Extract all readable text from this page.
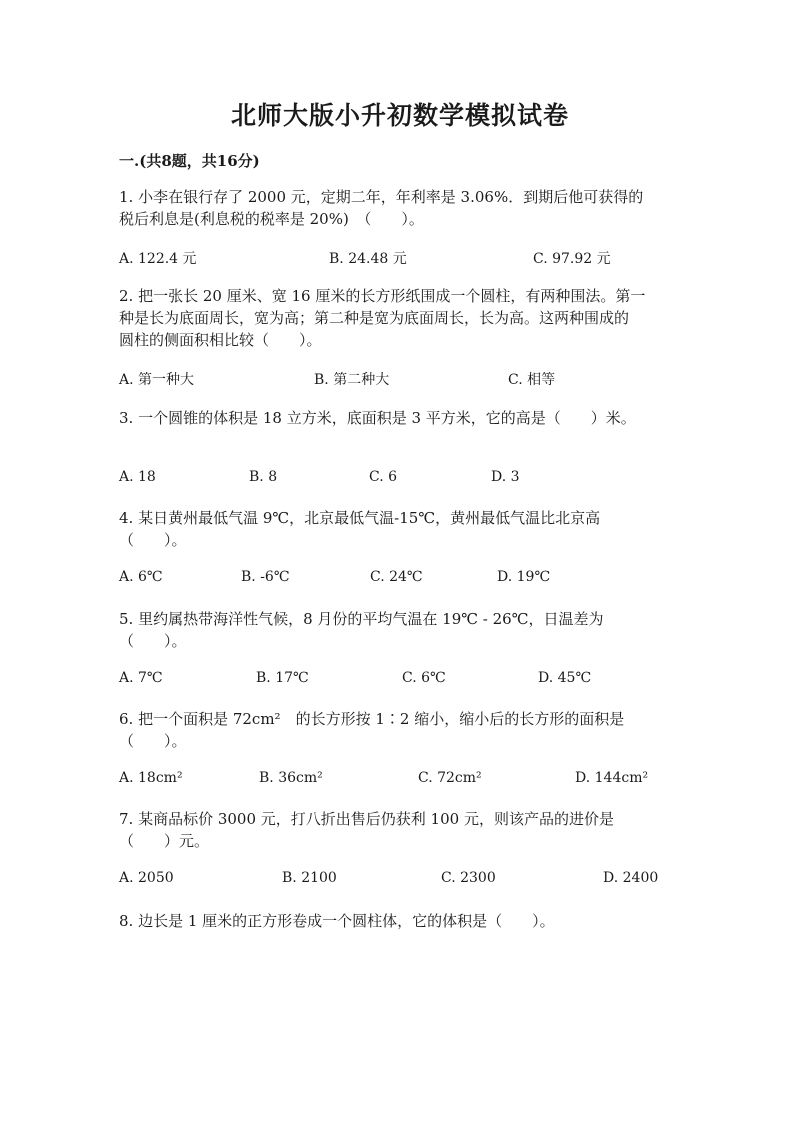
北师大版小升初数学模拟试卷
一.(共8题，共16分)
1. 小李在银行存了 2000 元，定期二年，年利率是 3.06%．到期后他可获得的
税后利息是(利息税的税率是 20%)　（　　）。
A. 122.4 元	B. 24.48 元	C. 97.92 元
2. 把一张长 20 厘米、宽 16 厘米的长方形纸围成一个圆柱，有两种围法。第一
种是长为底面周长，宽为高；第二种是宽为底面周长，长为高。这两种围成的
圆柱的侧面积相比较（　　）。
A. 第一种大	B. 第二种大	C. 相等
3. 一个圆锥的体积是 18 立方米，底面积是 3 平方米，它的高是（　　）米。
A. 18	B. 8	C. 6	D. 3
4. 某日黄州最低气温 9℃，北京最低气温-15℃，黄州最低气温比北京高
（　　）。
A. 6℃	B. -6℃	C. 24℃	D. 19℃
5. 里约属热带海洋性气候，8 月份的平均气温在 19℃ - 26℃，日温差为
（　　）。
A. 7℃	B. 17℃	C. 6℃	D. 45℃
6. 把一个面积是 72cm²　的长方形按 1∶2 缩小，缩小后的长方形的面积是
（　　）。
A. 18cm²	B. 36cm²	C. 72cm²	D. 144cm²
7. 某商品标价 3000 元，打八折出售后仍获利 100 元，则该产品的进价是
（　　）元。
A. 2050	B. 2100	C. 2300	D. 2400
8. 边长是 1 厘米的正方形卷成一个圆柱体，它的体积是（　　）。
